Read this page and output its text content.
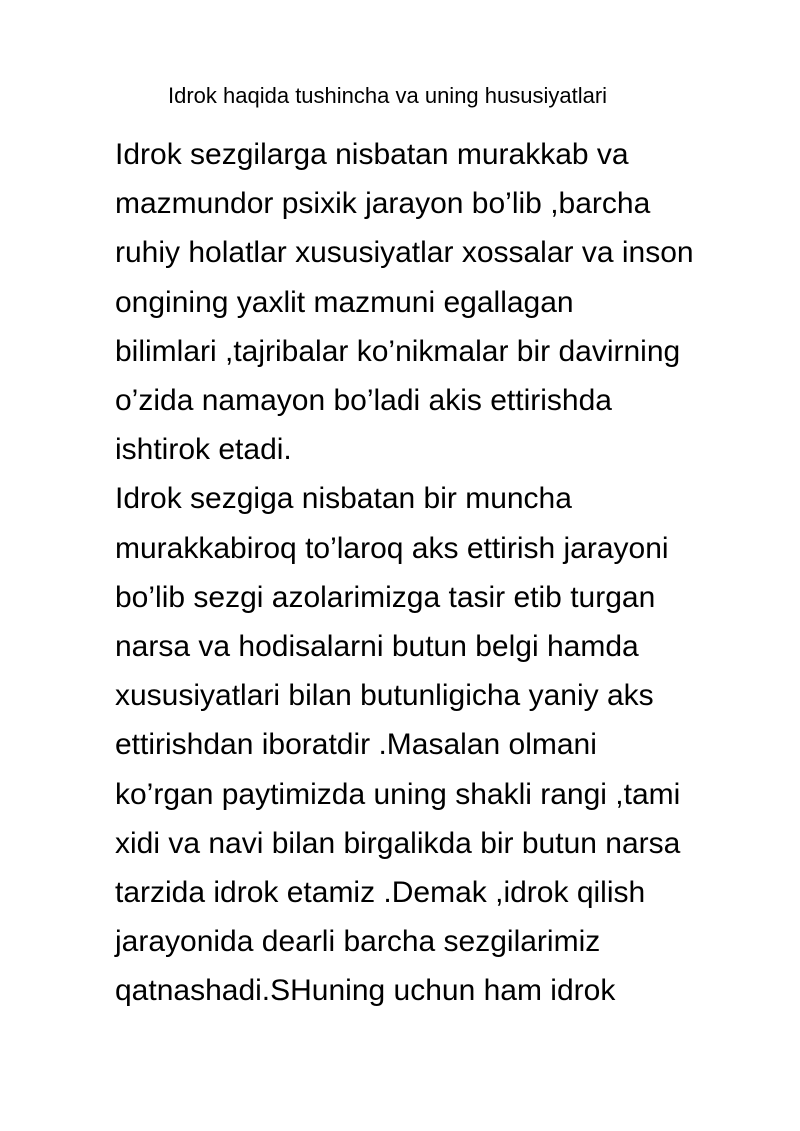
Idrok haqida tushincha va uning hususiyatlari
Idrok sezgilarga nisbatan murakkab va
mazmundor psixik jarayon bo’lib ,barcha
ruhiy holatlar xususiyatlar xossalar va inson
ongining yaxlit mazmuni egallagan
bilimlari ,tajribalar ko’nikmalar bir davirning
o’zida namayon bo’ladi akis ettirishda
ishtirok etadi.
Idrok sezgiga nisbatan bir muncha
murakkabiroq to’laroq aks ettirish jarayoni
bo’lib sezgi azolarimizga tasir etib turgan
narsa va hodisalarni butun belgi hamda
xususiyatlari bilan butunligicha yaniy aks
ettirishdan iboratdir .Masalan olmani
ko’rgan paytimizda uning shakli rangi ,tami
xidi va navi bilan birgalikda bir butun narsa
tarzida idrok etamiz .Demak ,idrok qilish
jarayonida dearli barcha sezgilarimiz
qatnashadi.SHuning uchun ham idrok
